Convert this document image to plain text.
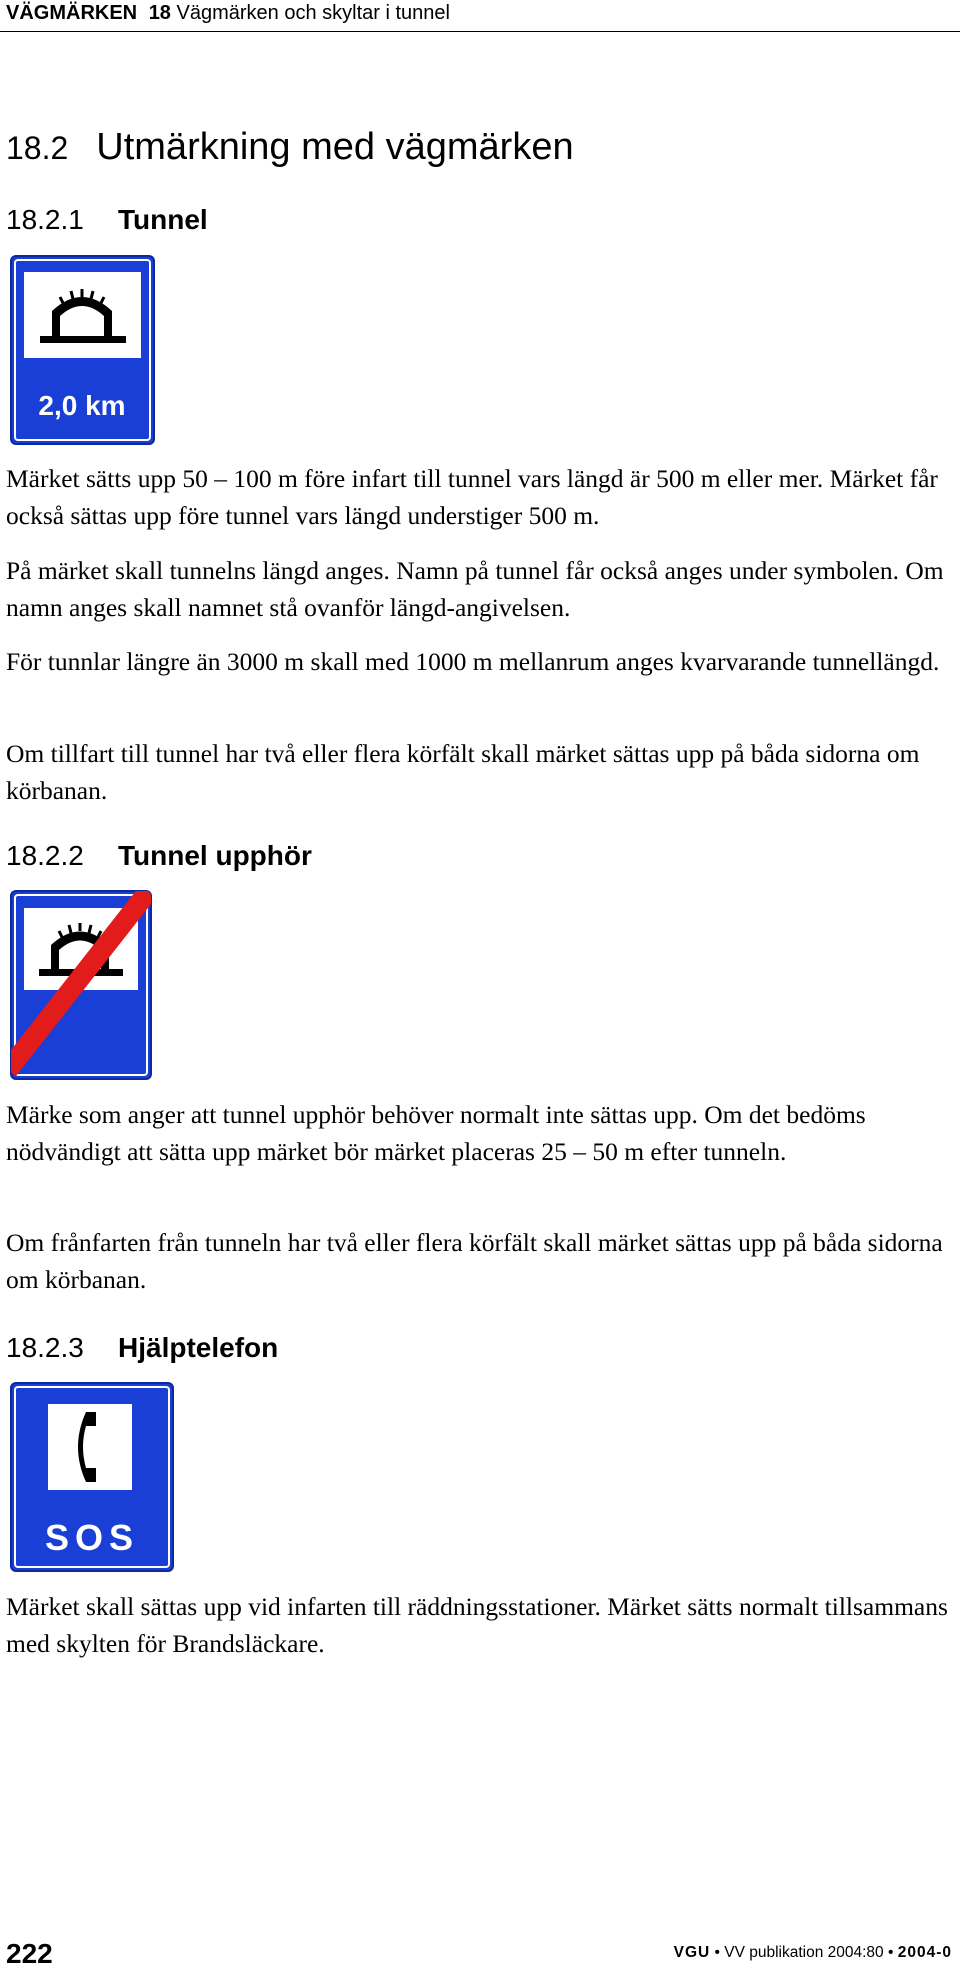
VÄGMÄRKEN 18 Vägmärken och skyltar i tunnel
18.2 Utmärkning med vägmärken
18.2.1 Tunnel
2,0 km

Märket sätts upp 50 – 100 m före infart till tunnel vars längd är 500 m eller mer. Märket får också sättas upp före tunnel vars längd understiger 500 m.

På märket skall tunnelns längd anges. Namn på tunnel får också anges under symbolen. Om namn anges skall namnet stå ovanför längd-angivelsen.

För tunnlar längre än 3000 m skall med 1000 m mellanrum anges kvarvarande tunnellängd.

Om tillfart till tunnel har två eller flera körfält skall märket sättas upp på båda sidorna om körbanan.

18.2.2 Tunnel upphör

Märke som anger att tunnel upphör behöver normalt inte sättas upp. Om det bedöms nödvändigt att sätta upp märket bör märket placeras 25 – 50 m efter tunneln.

Om frånfarten från tunneln har två eller flera körfält skall märket sättas upp på båda sidorna om körbanan.

18.2.3 Hjälptelefon
SOS

Märket skall sättas upp vid infarten till räddningsstationer. Märket sätts normalt tillsammans med skylten för Brandsläckare.

222	VGU • VV publikation 2004:80 • 2004-0
